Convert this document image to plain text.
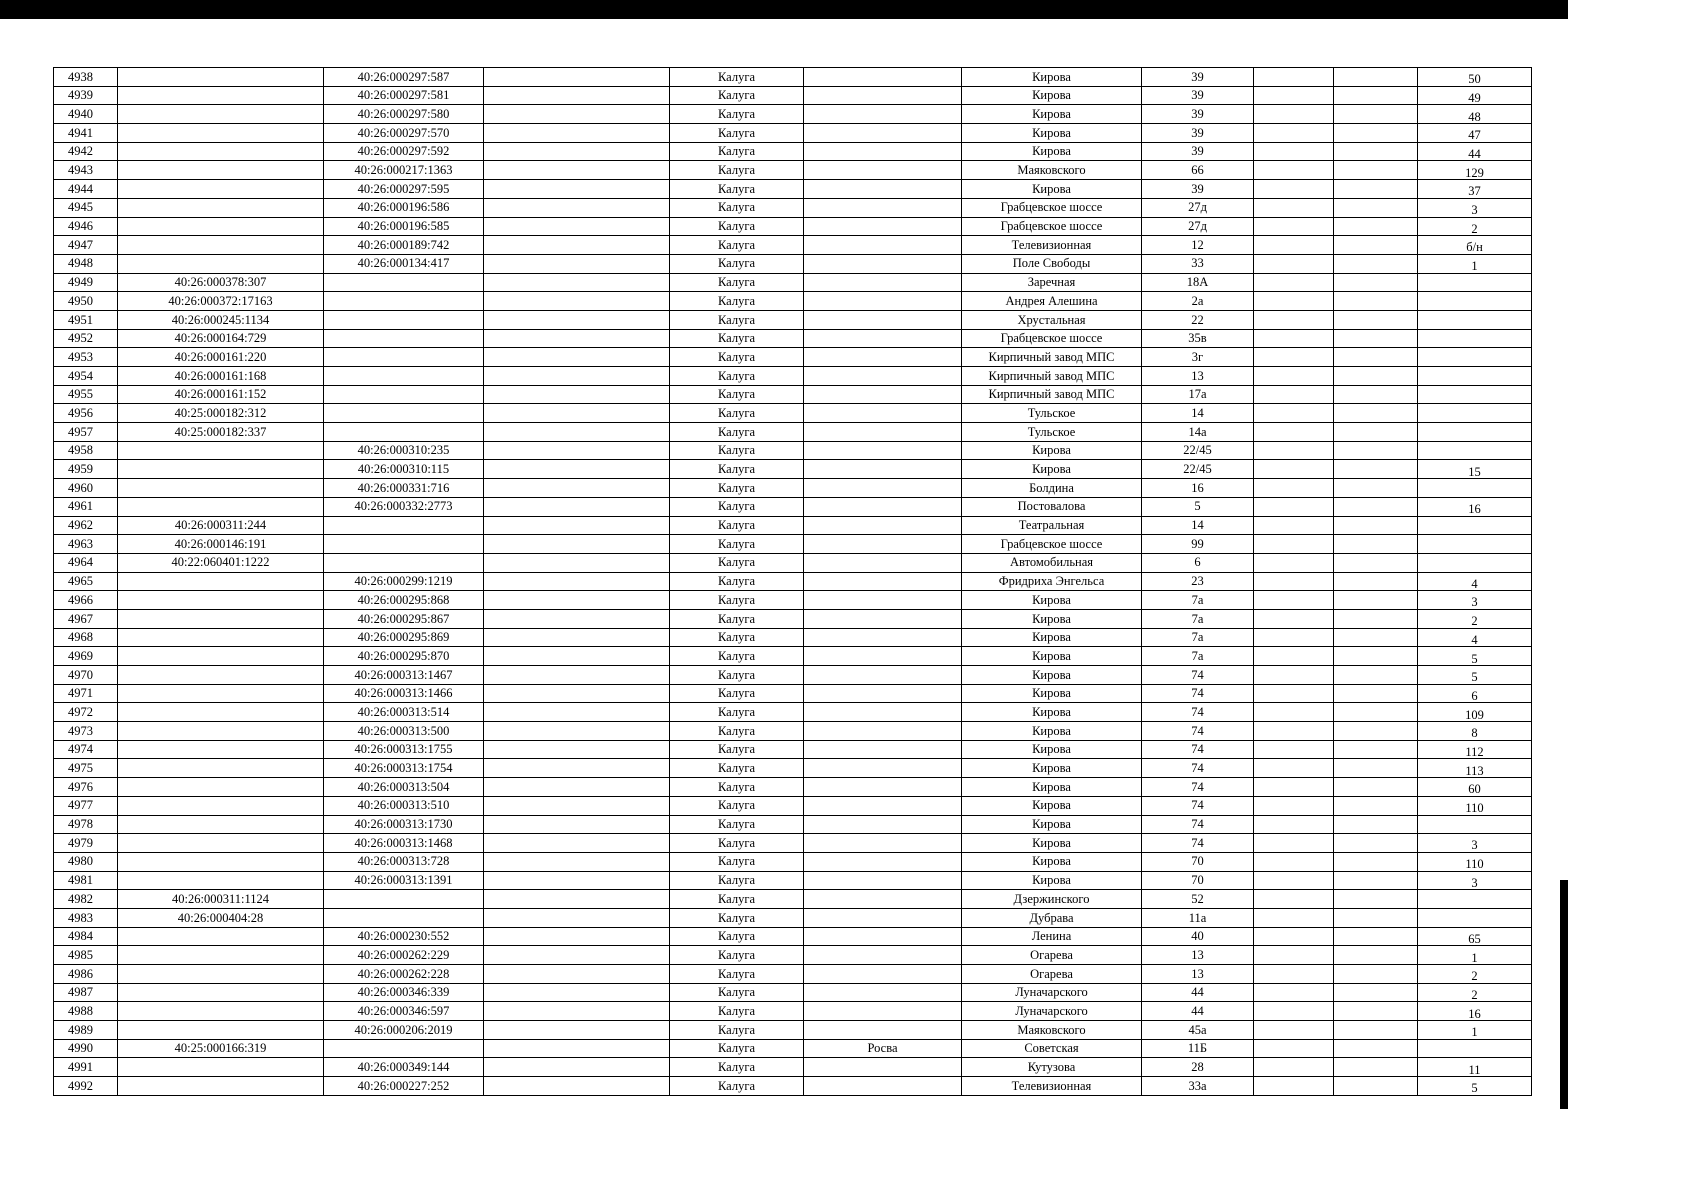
4938		40:26:000297:587		Калуга		Кирова	39			50
4939		40:26:000297:581		Калуга		Кирова	39			49
4940		40:26:000297:580		Калуга		Кирова	39			48
4941		40:26:000297:570		Калуга		Кирова	39			47
4942		40:26:000297:592		Калуга		Кирова	39			44
4943		40:26:000217:1363		Калуга		Маяковского	66			129
4944		40:26:000297:595		Калуга		Кирова	39			37
4945		40:26:000196:586		Калуга		Грабцевское шоссе	27д			3
4946		40:26:000196:585		Калуга		Грабцевское шоссе	27д			2
4947		40:26:000189:742		Калуга		Телевизионная	12			б/н
4948		40:26:000134:417		Калуга		Поле Свободы	33			1
4949	40:26:000378:307			Калуга		Заречная	18А			
4950	40:26:000372:17163			Калуга		Андрея Алешина	2а			
4951	40:26:000245:1134			Калуга		Хрустальная	22			
4952	40:26:000164:729			Калуга		Грабцевское шоссе	35в			
4953	40:26:000161:220			Калуга		Кирпичный завод МПС	3г			
4954	40:26:000161:168			Калуга		Кирпичный завод МПС	13			
4955	40:26:000161:152			Калуга		Кирпичный завод МПС	17а			
4956	40:25:000182:312			Калуга		Тульское	14			
4957	40:25:000182:337			Калуга		Тульское	14а			
4958		40:26:000310:235		Калуга		Кирова	22/45			
4959		40:26:000310:115		Калуга		Кирова	22/45			15
4960		40:26:000331:716		Калуга		Болдина	16			
4961		40:26:000332:2773		Калуга		Постовалова	5			16
4962	40:26:000311:244			Калуга		Театральная	14			
4963	40:26:000146:191			Калуга		Грабцевское шоссе	99			
4964	40:22:060401:1222			Калуга		Автомобильная	6			
4965		40:26:000299:1219		Калуга		Фридриха Энгельса	23			4
4966		40:26:000295:868		Калуга		Кирова	7а			3
4967		40:26:000295:867		Калуга		Кирова	7а			2
4968		40:26:000295:869		Калуга		Кирова	7а			4
4969		40:26:000295:870		Калуга		Кирова	7а			5
4970		40:26:000313:1467		Калуга		Кирова	74			5
4971		40:26:000313:1466		Калуга		Кирова	74			6
4972		40:26:000313:514		Калуга		Кирова	74			109
4973		40:26:000313:500		Калуга		Кирова	74			8
4974		40:26:000313:1755		Калуга		Кирова	74			112
4975		40:26:000313:1754		Калуга		Кирова	74			113
4976		40:26:000313:504		Калуга		Кирова	74			60
4977		40:26:000313:510		Калуга		Кирова	74			110
4978		40:26:000313:1730		Калуга		Кирова	74			
4979		40:26:000313:1468		Калуга		Кирова	74			3
4980		40:26:000313:728		Калуга		Кирова	70			110
4981		40:26:000313:1391		Калуга		Кирова	70			3
4982	40:26:000311:1124			Калуга		Дзержинского	52			
4983	40:26:000404:28			Калуга		Дубрава	11а			
4984		40:26:000230:552		Калуга		Ленина	40			65
4985		40:26:000262:229		Калуга		Огарева	13			1
4986		40:26:000262:228		Калуга		Огарева	13			2
4987		40:26:000346:339		Калуга		Луначарского	44			2
4988		40:26:000346:597		Калуга		Луначарского	44			16
4989		40:26:000206:2019		Калуга		Маяковского	45а			1
4990	40:25:000166:319			Калуга	Росва	Советская	11Б			
4991		40:26:000349:144		Калуга		Кутузова	28			11
4992		40:26:000227:252		Калуга		Телевизионная	33а			5
